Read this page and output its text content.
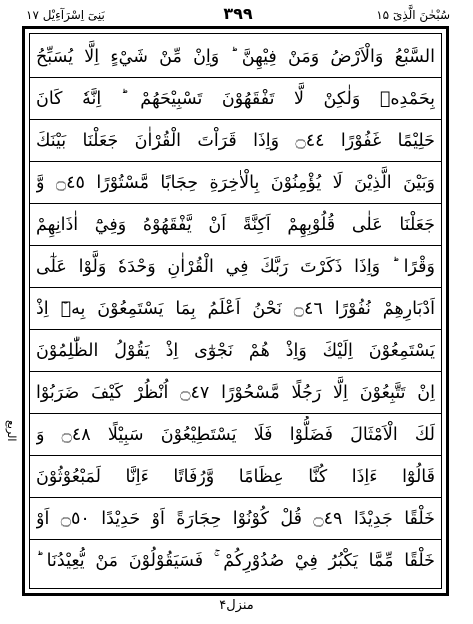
بَنِیٓ اِسْرَآءِیْل ۱۷	۳۹۹	سُبْحٰنَ الَّذِیٓ ۱۵
الربع
السَّبْعُ وَالْاَرْضُ وَمَنْ فِيْهِنَّ ؕ وَاِنْ مِّنْ شَيْءٍ اِلَّا يُسَبِّحُ
بِحَمْدِهٖ وَلٰكِنْ لَّا تَفْقَهُوْنَ تَسْبِيْحَهُمْ ؕ اِنَّهٗ كَانَ
حَلِيْمًا غَفُوْرًا ۝٤٤ وَاِذَا قَرَاْتَ الْقُرْاٰنَ جَعَلْنَا بَيْنَكَ
وَبَيْنَ الَّذِيْنَ لَا يُؤْمِنُوْنَ بِالْاٰخِرَةِ حِجَابًا مَّسْتُوْرًا ۝٤٥ وَّ
جَعَلْنَا عَلٰى قُلُوْبِهِمْ اَكِنَّةً اَنْ يَّفْقَهُوْهُ وَفِيْٓ اٰذَانِهِمْ
وَقْرًا ؕ وَاِذَا ذَكَرْتَ رَبَّكَ فِي الْقُرْاٰنِ وَحْدَهٗ وَلَّوْا عَلٰٓى
اَدْبَارِهِمْ نُفُوْرًا ۝٤٦ نَحْنُ اَعْلَمُ بِمَا يَسْتَمِعُوْنَ بِهٖٓ اِذْ
يَسْتَمِعُوْنَ اِلَيْكَ وَاِذْ هُمْ نَجْوٰٓى اِذْ يَقُوْلُ الظّٰلِمُوْنَ
اِنْ تَتَّبِعُوْنَ اِلَّا رَجُلًا مَّسْحُوْرًا ۝٤٧ اُنْظُرْ كَيْفَ ضَرَبُوْا
لَكَ الْاَمْثَالَ فَضَلُّوْا فَلَا يَسْتَطِيْعُوْنَ سَبِيْلًا ۝٤٨ وَ
قَالُوْٓا ءَاِذَا كُنَّا عِظَامًا وَّرُفَاتًا ءَاِنَّا لَمَبْعُوْثُوْنَ
خَلْقًا جَدِيْدًا ۝٤٩ قُلْ كُوْنُوْا حِجَارَةً اَوْ حَدِيْدًا ۝٥٠ اَوْ
خَلْقًا مِّمَّا يَكْبُرُ فِيْ صُدُوْرِكُمْ ۚ فَسَيَقُوْلُوْنَ مَنْ يُّعِيْدُنَا ؕ
منزل۴
